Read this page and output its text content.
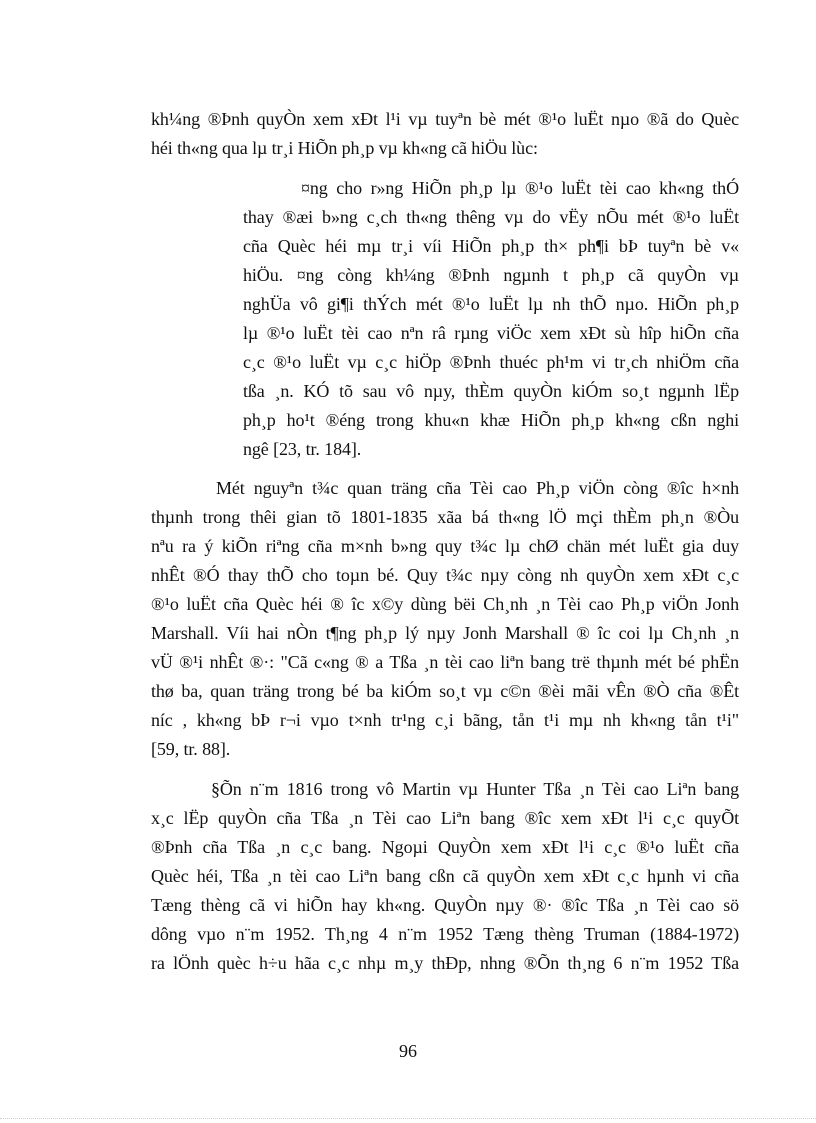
kh¼ng ®Þnh quyÒn xem xÐt l¹i vµ tuyªn bè mét ®¹o luËt nµo ®ã do Quèc
héi th«ng qua lµ tr¸i HiÕn ph¸p vµ kh«ng cã hiÖu lùc:
¤ng cho r»ng HiÕn ph¸p lµ ®¹o luËt tèi cao kh«ng thÓ
thay ®æi b»ng c¸ch th«ng thêng vµ do vËy nÕu mét ®¹o luËt
cña Quèc héi mµ tr¸i víi HiÕn ph¸p th× ph¶i bÞ tuyªn bè v«
hiÖu. ¤ng còng kh¼ng ®Þnh ngµnh t ph¸p cã quyÒn vµ
nghÜa vô gi¶i thÝch mét ®¹o luËt lµ nh thÕ nµo. HiÕn ph¸p
lµ ®¹o luËt tèi cao nªn râ rµng viÖc xem xÐt sù hîp hiÕn cña
c¸c ®¹o luËt vµ c¸c hiÖp ®Þnh thuéc ph¹m vi tr¸ch nhiÖm cña
tßa ¸n. KÓ tõ sau vô nµy, thÈm quyÒn kiÓm so¸t ngµnh lËp
ph¸p ho¹t ®éng trong khu«n khæ HiÕn ph¸p kh«ng cßn nghi
ngê [23, tr. 184].
Mét nguyªn t¾c quan träng cña Tèi cao Ph¸p viÖn còng ®îc h×nh
thµnh trong thêi gian tõ 1801-1835 xãa bá th«ng lÖ mçi thÈm ph¸n ®Òu
nªu ra ý kiÕn riªng cña m×nh b»ng quy t¾c lµ chØ chän mét luËt gia duy
nhÊt ®Ó thay thÕ cho toµn bé. Quy t¾c nµy còng nh quyÒn xem xÐt c¸c
®¹o luËt cña Quèc héi ® îc x©y dùng bëi Ch¸nh ¸n Tèi cao Ph¸p viÖn Jonh
Marshall. Víi hai nÒn t¶ng ph¸p lý nµy Jonh Marshall ® îc coi lµ Ch¸nh ¸n
vÜ ®¹i nhÊt ®·: "Cã c«ng ® a Tßa ¸n tèi cao liªn bang trë thµnh mét bé phËn
thø ba, quan träng trong bé ba kiÓm so¸t vµ c©n ®èi mãi vÊn ®Ò cña ®Êt
níc , kh«ng bÞ r¬i vµo t×nh tr¹ng c¸i bãng, tån t¹i mµ nh kh«ng tån t¹i"
[59, tr. 88].
§Õn n¨m 1816 trong vô Martin vµ Hunter Tßa ¸n Tèi cao Liªn bang
x¸c lËp quyÒn cña Tßa ¸n Tèi cao Liªn bang ®îc xem xÐt l¹i c¸c quyÕt
®Þnh cña Tßa ¸n c¸c bang. Ngoµi QuyÒn xem xÐt l¹i c¸c ®¹o luËt cña
Quèc héi, Tßa ¸n tèi cao Liªn bang cßn cã quyÒn xem xÐt c¸c hµnh vi cña
Tæng thèng cã vi hiÕn hay kh«ng. QuyÒn nµy ®· ®îc Tßa ¸n Tèi cao sö
dông vµo n¨m 1952. Th¸ng 4 n¨m 1952 Tæng thèng Truman (1884-1972)
ra lÖnh quèc h÷u hãa c¸c nhµ m¸y thÐp, nhng ®Õn th¸ng 6 n¨m 1952 Tßa
96
